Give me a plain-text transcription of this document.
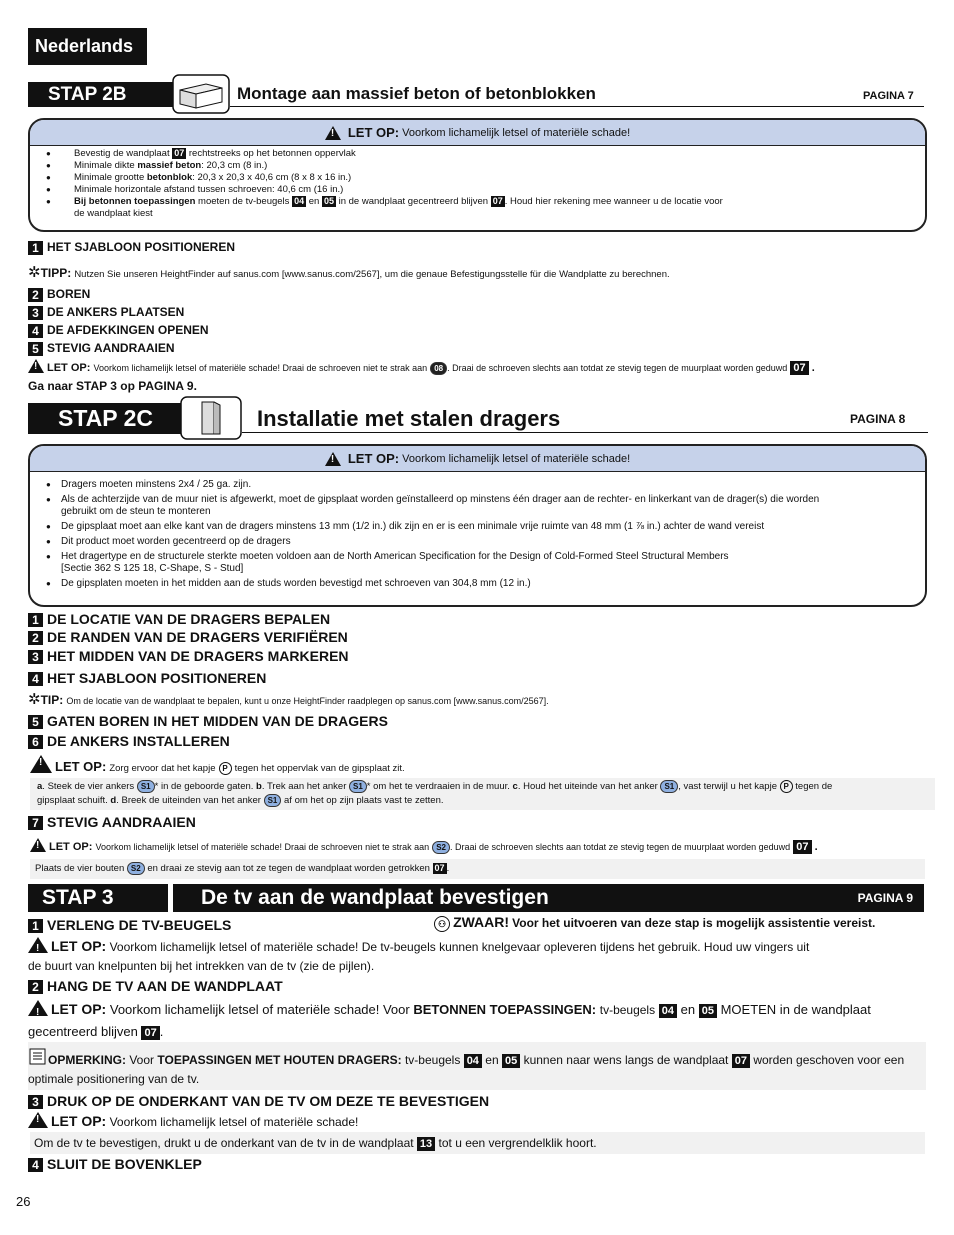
Nederlands
STAP 2B	Montage aan massief beton of betonblokken	PAGINA 7
!
LET OP: Voorkom lichamelijk letsel of materiële schade!
● Bevestig de wandplaat 07 rechtstreeks op het betonnen oppervlak
● Minimale dikte massief beton: 20,3 cm (8 in.)
● Minimale grootte betonblok: 20,3 x 20,3 x 40,6 cm (8 x 8 x 16 in.)
● Minimale horizontale afstand tussen schroeven: 40,6 cm (16 in.)
● Bij betonnen toepassingen moeten de tv-beugels 04 en 05 in de wandplaat gecentreerd blijven 07 . Houd hier rekening mee wanneer u de locatie voor
de wandplaat kiest
1 HET SJABLOON POSITIONEREN
✲TIPP: Nutzen Sie unseren HeightFinder auf sanus.com [www.sanus.com/2567], um die genaue Befestigungsstelle für die Wandplatte zu berechnen.
2 BOREN
3 DE ANKERS PLAATSEN
4 DE AFDEKKINGEN OPENEN
5 STEVIG AANDRAAIEN
!LET OP: Voorkom lichamelijk letsel of materiële schade! Draai de schroeven niet te strak aan 08 . Draai de schroeven slechts aan totdat ze stevig tegen de muurplaat worden geduwd 07 .
Ga naar STAP 3 op PAGINA 9.
STAP 2C	Installatie met stalen dragers	PAGINA 8
!
LET OP: Voorkom lichamelijk letsel of materiële schade!
● Dragers moeten minstens 2x4 / 25 ga. zijn.
● Als de achterzijde van de muur niet is afgewerkt, moet de gipsplaat worden geïnstalleerd op minstens één drager aan de rechter- en linkerkant van de drager(s) die worden
gebruikt om de steun te monteren
● De gipsplaat moet aan elke kant van de dragers minstens 13 mm (1/2 in.) dik zijn en er is een minimale vrije ruimte van 48 mm (1 ⅞ in.) achter de wand vereist
● Dit product moet worden gecentreerd op de dragers
● Het dragertype en de structurele sterkte moeten voldoen aan de North American Specification for the Design of Cold-Formed Steel Structural Members
[Sectie 362 S 125 18, C-Shape, S - Stud]
● De gipsplaten moeten in het midden aan de studs worden bevestigd met schroeven van 304,8 mm (12 in.)
1 DE LOCATIE VAN DE DRAGERS BEPALEN
2 DE RANDEN VAN DE DRAGERS VERIFIËREN
3 HET MIDDEN VAN DE DRAGERS MARKEREN
4 HET SJABLOON POSITIONEREN
✲TIP: Om de locatie van de wandplaat te bepalen, kunt u onze HeightFinder raadplegen op sanus.com [www.sanus.com/2567].
5 GATEN BOREN IN HET MIDDEN VAN DE DRAGERS
6 DE ANKERS INSTALLEREN
!LET OP: Zorg ervoor dat het kapje P tegen het oppervlak van de gipsplaat zit.
a. Steek de vier ankers S1 * in de geboorde gaten. b. Trek aan het anker S1 * om het te verdraaien in de muur. c. Houd het uiteinde van het anker S1 , vast terwijl u het kapje P tegen de
gipsplaat schuift. d. Breek de uiteinden van het anker S1 af om het op zijn plaats vast te zetten.
7 STEVIG AANDRAAIEN
!LET OP: Voorkom lichamelijk letsel of materiële schade! Draai de schroeven niet te strak aan S2 . Draai de schroeven slechts aan totdat ze stevig tegen de muurplaat worden geduwd 07 .
Plaats de vier bouten S2 en draai ze stevig aan tot ze tegen de wandplaat worden getrokken 07 .
STAP 3	De tv aan de wandplaat bevestigen	PAGINA 9
1 VERLENG DE TV-BEUGELS	⚇ ZWAAR! Voor het uitvoeren van deze stap is mogelijk assistentie vereist.
!LET OP: Voorkom lichamelijk letsel of materiële schade! De tv-beugels kunnen knelgevaar opleveren tijdens het gebruik. Houd uw vingers uit
de buurt van knelpunten bij het intrekken van de tv (zie de pijlen).
2 HANG DE TV AAN DE WANDPLAAT
!LET OP: Voorkom lichamelijk letsel of materiële schade! Voor BETONNEN TOEPASSINGEN: tv-beugels 04 en 05 MOETEN in de wandplaat
gecentreerd blijven 07 .
OPMERKING: Voor TOEPASSINGEN MET HOUTEN DRAGERS: tv-beugels 04 en 05 kunnen naar wens langs de wandplaat 07 worden geschoven voor een
optimale positionering van de tv.
3 DRUK OP DE ONDERKANT VAN DE TV OM DEZE TE BEVESTIGEN
!LET OP: Voorkom lichamelijk letsel of materiële schade!
Om de tv te bevestigen, drukt u de onderkant van de tv in de wandplaat 13 tot u een vergrendelklik hoort.
4 SLUIT DE BOVENKLEP
26
